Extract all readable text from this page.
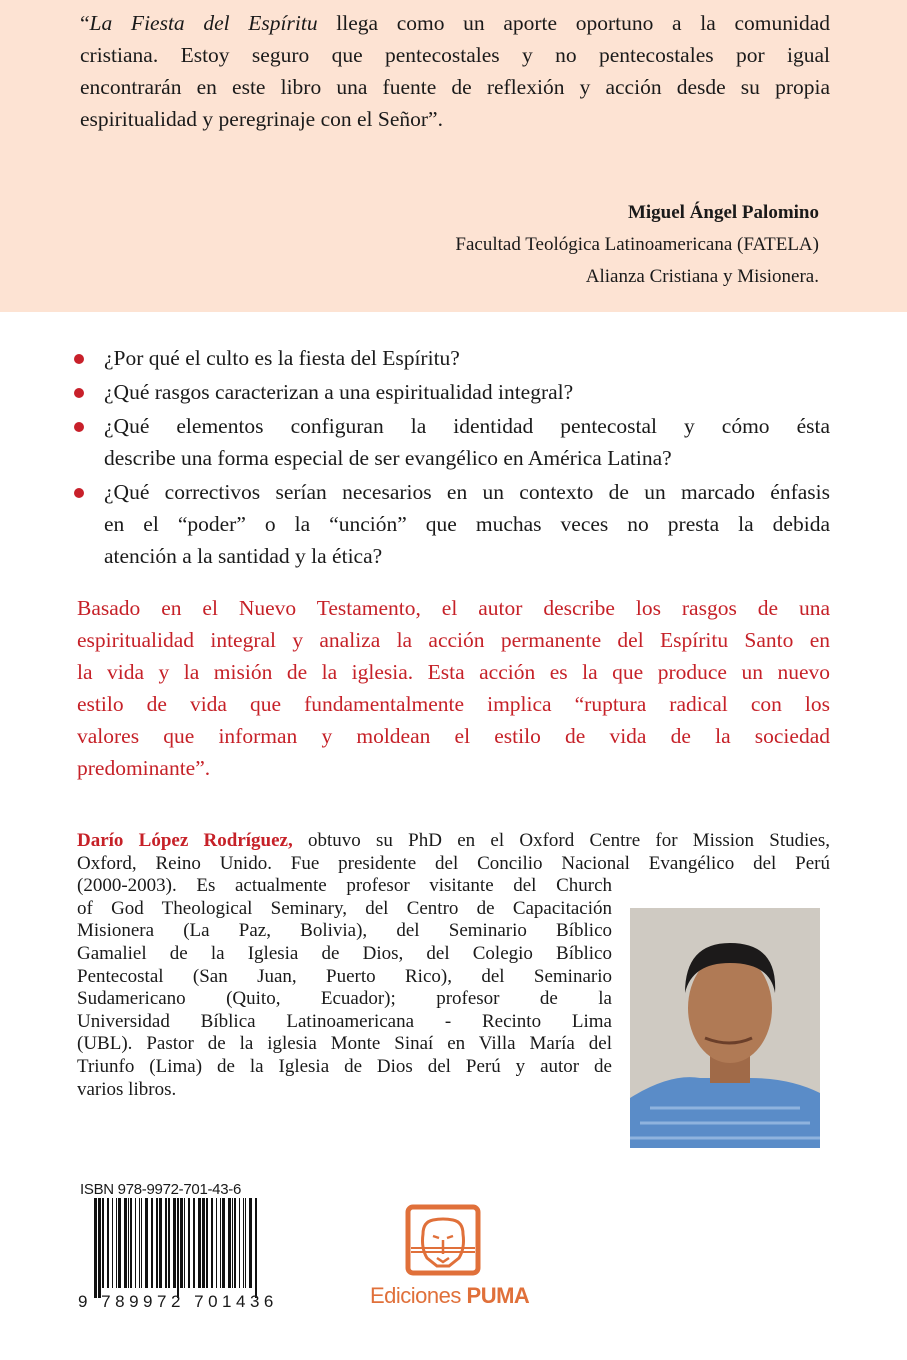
“La Fiesta del Espíritu llega como un aporte oportuno a la comunidad
cristiana. Estoy seguro que pentecostales y no pentecostales por igual
encontrarán en este libro una fuente de reflexión y acción desde su propia
espiritualidad y peregrinaje con el Señor”.
Miguel Ángel Palomino
Facultad Teológica Latinoamericana (FATELA)
Alianza Cristiana y Misionera.
¿Por qué el culto es la fiesta del Espíritu?
¿Qué rasgos caracterizan a una espiritualidad integral?
¿Qué elementos configuran la identidad pentecostal y cómo ésta
describe una forma especial de ser evangélico en América Latina?
¿Qué correctivos serían necesarios en un contexto de un marcado énfasis
en el “poder” o la “unción” que muchas veces no presta la debida
atención a la santidad y la ética?
Basado en el Nuevo Testamento, el autor describe los rasgos de una
espiritualidad integral y analiza la acción permanente del Espíritu Santo en
la vida y la misión de la iglesia. Esta acción es la que produce un nuevo
estilo de vida que fundamentalmente implica “ruptura radical con los
valores que informan y moldean el estilo de vida de la sociedad
predominante”.
Darío López Rodríguez, obtuvo su PhD en el Oxford Centre for Mission Studies,
Oxford, Reino Unido. Fue presidente del Concilio Nacional Evangélico del Perú
(2000-2003). Es actualmente profesor visitante del Church
of God Theological Seminary, del Centro de Capacitación
Misionera (La Paz, Bolivia), del Seminario Bíblico
Gamaliel de la Iglesia de Dios, del Colegio Bíblico
Pentecostal (San Juan, Puerto Rico), del Seminario
Sudamericano (Quito, Ecuador); profesor de la
Universidad Bíblica Latinoamericana - Recinto Lima
(UBL). Pastor de la iglesia Monte Sinaí en Villa María del
Triunfo (Lima) de la Iglesia de Dios del Perú y autor de
varios libros.
ISBN 978-9972-701-43-6
9 789972 701436	Ediciones PUMA
